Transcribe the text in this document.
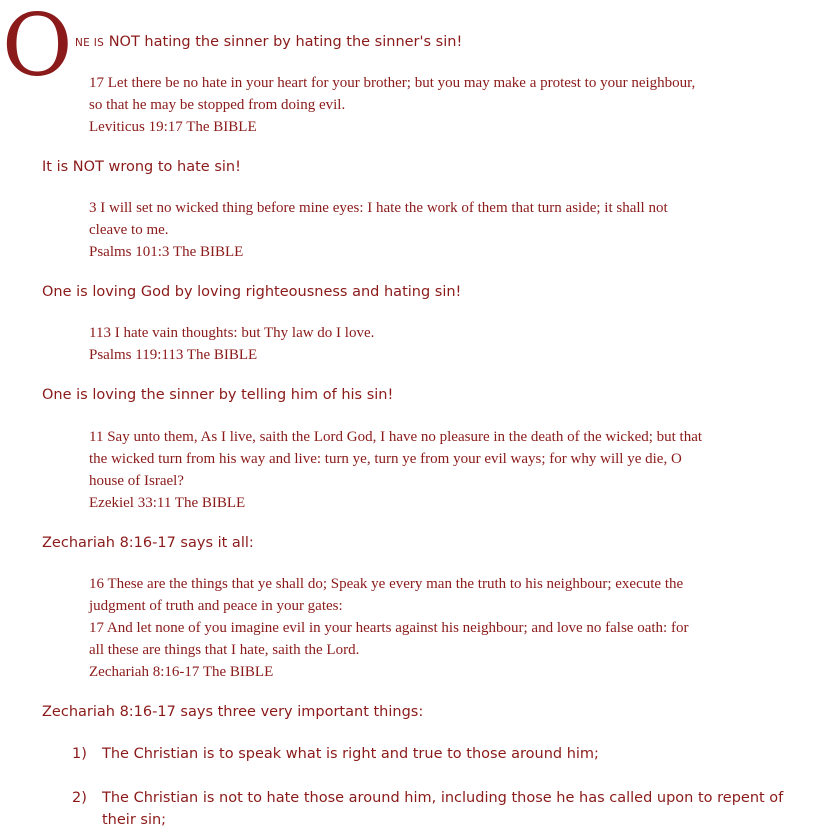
O NE IS NOT hating the sinner by hating the sinner's sin!
17 Let there be no hate in your heart for your brother; but you may make a protest to your neighbour,
so that he may be stopped from doing evil.
Leviticus 19:17 The BIBLE
It is NOT wrong to hate sin!
3 I will set no wicked thing before mine eyes: I hate the work of them that turn aside; it shall not
cleave to me.
Psalms 101:3 The BIBLE
One is loving God by loving righteousness and hating sin!
113 I hate vain thoughts: but Thy law do I love.
Psalms 119:113 The BIBLE
One is loving the sinner by telling him of his sin!
11 Say unto them, As I live, saith the Lord God, I have no pleasure in the death of the wicked; but that
the wicked turn from his way and live: turn ye, turn ye from your evil ways; for why will ye die, O
house of Israel?
Ezekiel 33:11 The BIBLE
Zechariah 8:16-17 says it all:
16 These are the things that ye shall do; Speak ye every man the truth to his neighbour; execute the
judgment of truth and peace in your gates:
17 And let none of you imagine evil in your hearts against his neighbour; and love no false oath: for
all these are things that I hate, saith the Lord.
Zechariah 8:16-17 The BIBLE
Zechariah 8:16-17 says three very important things:
1) The Christian is to speak what is right and true to those around him;
2) The Christian is not to hate those around him, including those he has called upon to repent of
their sin;
